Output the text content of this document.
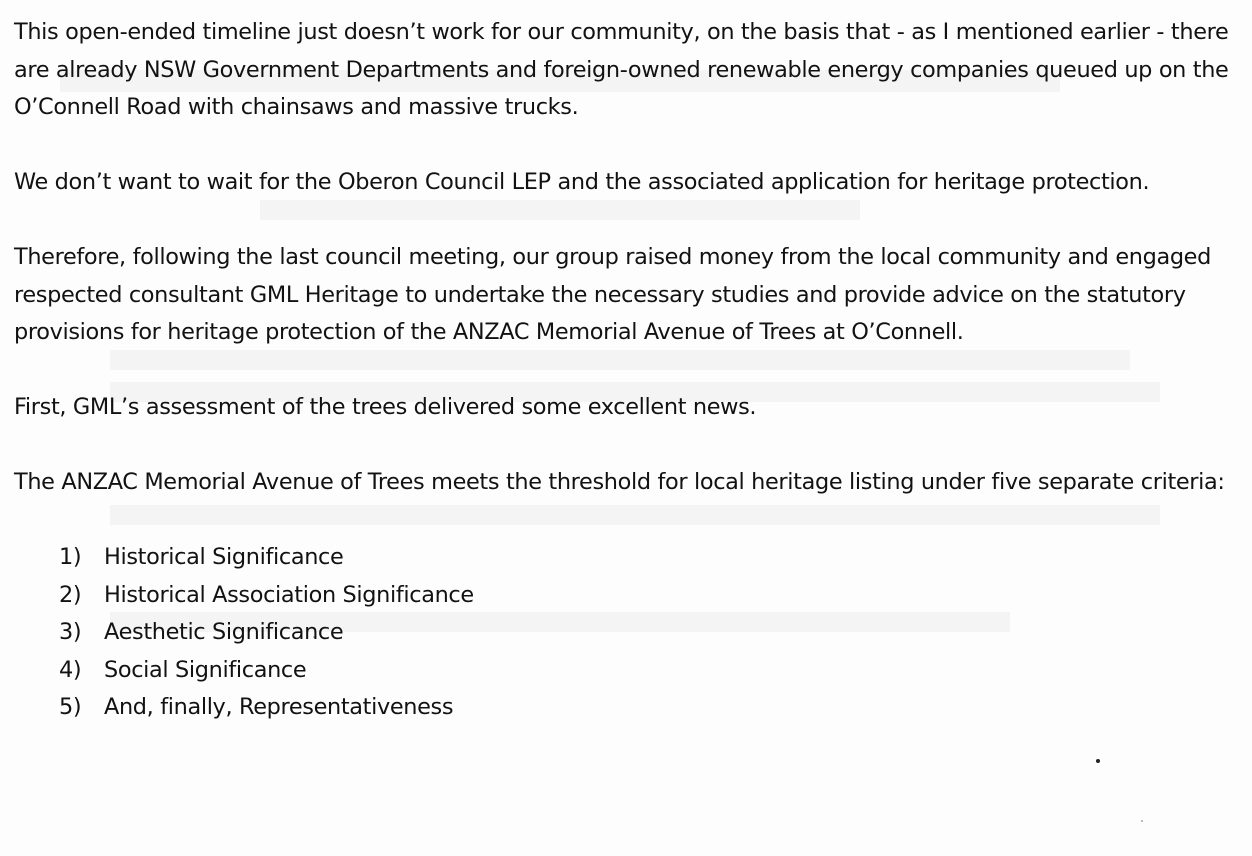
This open-ended timeline just doesn’t work for our community, on the basis that - as I mentioned earlier - there are already NSW Government Departments and foreign-owned renewable energy companies queued up on the O’Connell Road with chainsaws and massive trucks.

We don’t want to wait for the Oberon Council LEP and the associated application for heritage protection.

Therefore, following the last council meeting, our group raised money from the local community and engaged respected consultant GML Heritage to undertake the necessary studies and provide advice on the statutory provisions for heritage protection of the ANZAC Memorial Avenue of Trees at O’Connell.

First, GML’s assessment of the trees delivered some excellent news.

The ANZAC Memorial Avenue of Trees meets the threshold for local heritage listing under five separate criteria:

1)	Historical Significance
2)	Historical Association Significance
3)	Aesthetic Significance
4)	Social Significance
5)	And, finally, Representativeness
